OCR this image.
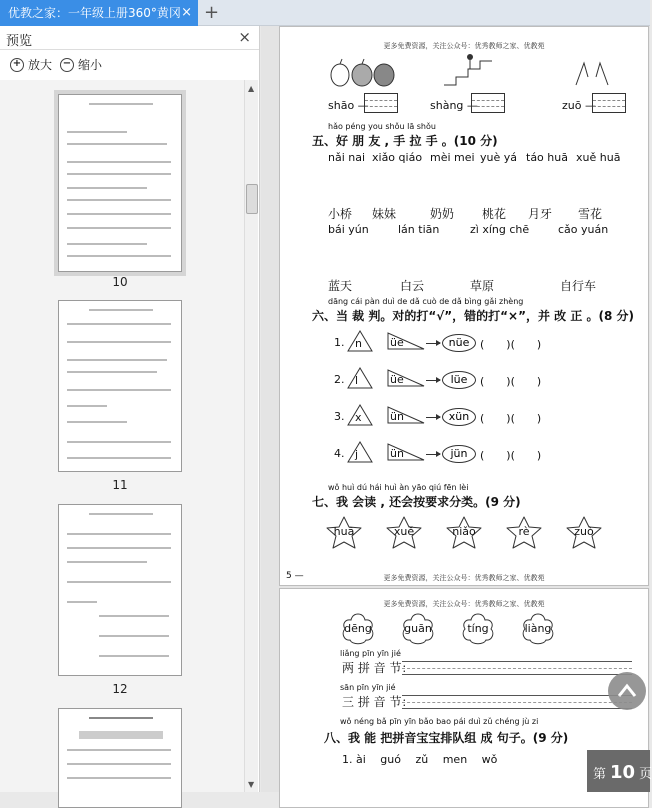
优教之家：一年级上册360°黄冈 × +
预览	×
+ 放大 − 缩小
10
11
12
▲
▼
更多免费资源，关注公众号：优秀教师之家、优教苑
shāo —	shàng —	zuō —
hǎo péng you shǒu lā shǒu
五、好 朋 友 , 手 拉 手 。(10 分)
nǎi nai xiǎo qiáo mèi mei yuè yá táo huā xuě huā
小桥 妹妹	奶奶 桃花 月牙 雪花
bái yún	lán tiān	zì xíng chē	cǎo yuán
蓝天	白云	草原	自行车
dāng cái pàn duì de dǎ cuò de dǎ bìng gǎi zhèng
六、当 裁 判。对的打“√”，错的打“×”，并 改 正 。(8 分)
1. n	üe	nüe (　　)(　　)
2. l	üe	lüe	(　　)(　　)
3. x	ün	xün (　　)(　　)
4. j	ün	jün	(　　)(　　)
wǒ huì dú hái huì àn yāo qiú fēn lèi
七、我 会读 , 还会按要求分类。(9 分)
huā	xuě	niǎo	rè	zuò
5 —	更多免费资源，关注公众号：优秀教师之家、优教苑
更多免费资源，关注公众号：优秀教师之家、优教苑
dēng	guān	tíng	liàng
liǎng pīn yīn jié
两 拼 音 节：
sān pīn yīn jié
三 拼 音 节：
wǒ néng bǎ pīn yīn bǎo bao pái duì zǔ chéng jù zi
八、我 能 把拼音宝宝排队组 成 句子。(9 分)
1. ài　 guó　 zǔ　 men　 wǒ
第 10 页
